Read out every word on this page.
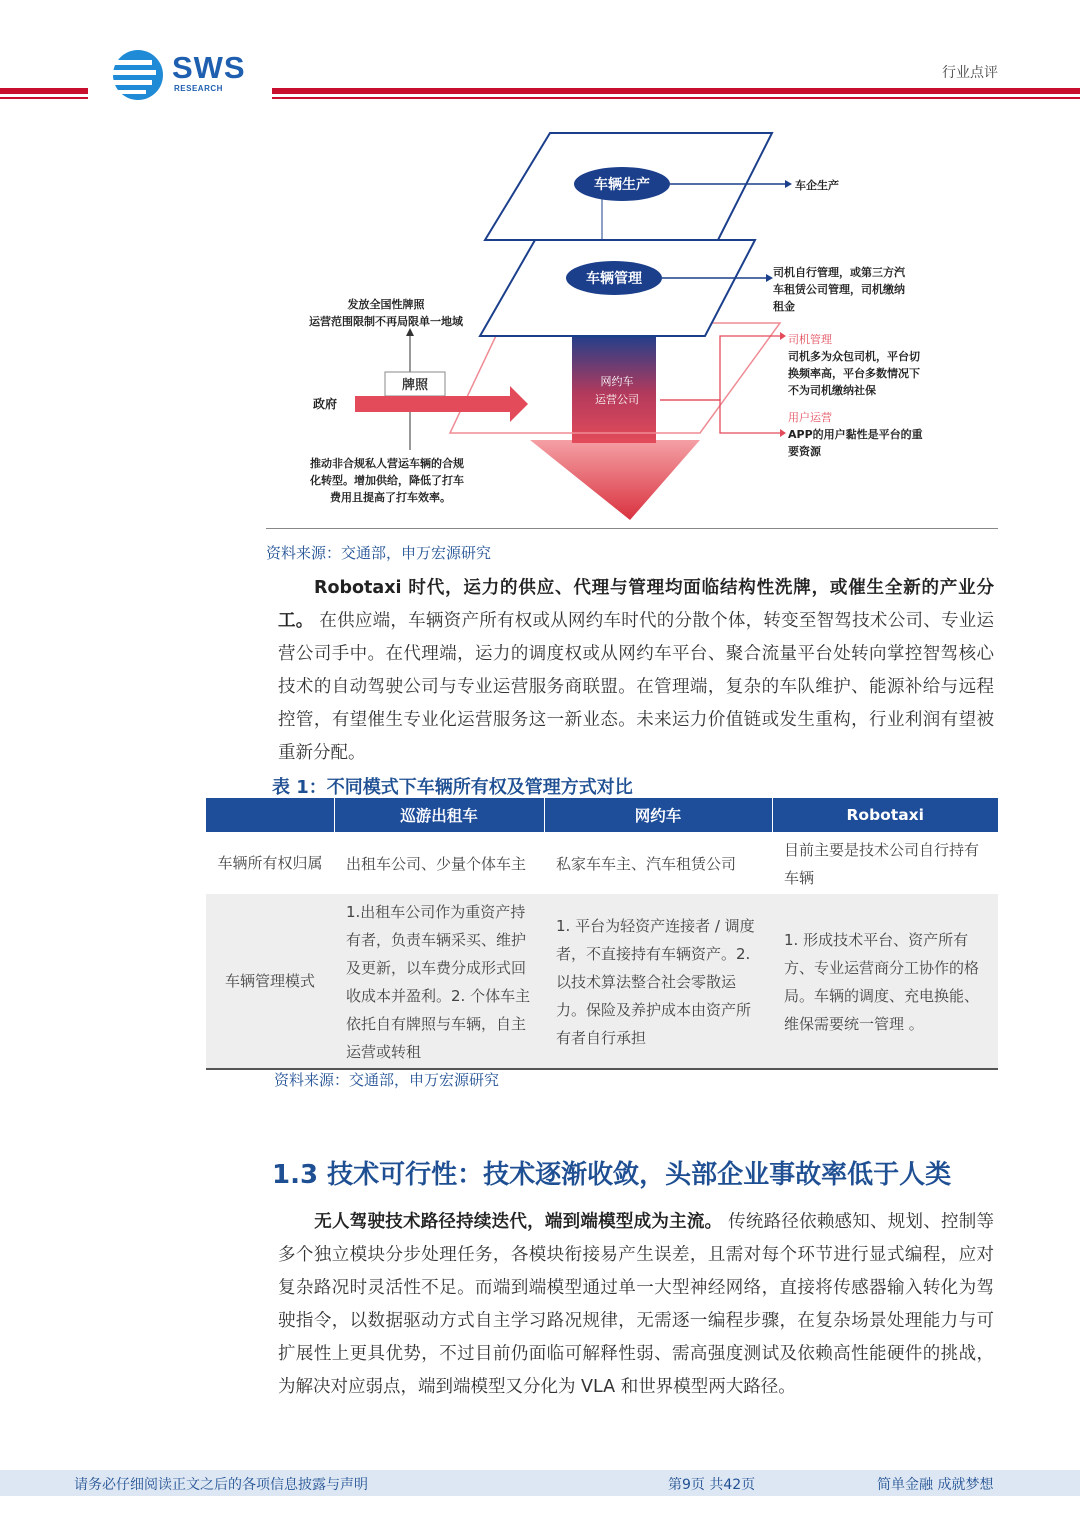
SWS
RESEARCH
行业点评
车辆生产
车辆管理
网约车
运营公司
车企生产
司机自行管理，或第三方汽
车租赁公司管理，司机缴纳
租金
司机管理
司机多为众包司机，平台切
换频率高，平台多数情况下
不为司机缴纳社保
用户运营
APP的用户黏性是平台的重
要资源
发放全国性牌照
运营范围限制不再局限单一地域
牌照
政府
推动非合规私人营运车辆的合规
化转型。增加供给，降低了打车
费用且提高了打车效率。
资料来源：交通部，申万宏源研究
Robotaxi 时代，运力的供应、代理与管理均面临结构性洗牌，或催生全新的产业分工。 在供应端，车辆资产所有权或从网约车时代的分散个体，转变至智驾技术公司、专业运营公司手中。在代理端，运力的调度权或从网约车平台、聚合流量平台处转向掌控智驾核心技术的自动驾驶公司与专业运营服务商联盟。在管理端，复杂的车队维护、能源补给与远程控管，有望催生专业化运营服务这一新业态。未来运力价值链或发生重构，行业利润有望被重新分配。
表 1：不同模式下车辆所有权及管理方式对比
	巡游出租车	网约车	Robotaxi
车辆所有权归属	出租车公司、少量个体车主	私家车车主、汽车租赁公司	目前主要是技术公司自行持有车辆
车辆管理模式	1.出租车公司作为重资产持有者，负责车辆采买、维护及更新，以车费分成形式回收成本并盈利。2. 个体车主依托自有牌照与车辆，自主运营或转租	1. 平台为轻资产连接者 / 调度者，不直接持有车辆资产。2. 以技术算法整合社会零散运力。保险及养护成本由资产所有者自行承担	1. 形成技术平台、资产所有方、专业运营商分工协作的格局。车辆的调度、充电换能、维保需要统一管理 。
资料来源：交通部，申万宏源研究
1.3 技术可行性：技术逐渐收敛，头部企业事故率低于人类
无人驾驶技术路径持续迭代，端到端模型成为主流。 传统路径依赖感知、规划、控制等多个独立模块分步处理任务，各模块衔接易产生误差，且需对每个环节进行显式编程，应对复杂路况时灵活性不足。而端到端模型通过单一大型神经网络，直接将传感器输入转化为驾驶指令，以数据驱动方式自主学习路况规律，无需逐一编程步骤，在复杂场景处理能力与可扩展性上更具优势，不过目前仍面临可解释性弱、需高强度测试及依赖高性能硬件的挑战，为解决对应弱点，端到端模型又分化为 VLA 和世界模型两大路径。
请务必仔细阅读正文之后的各项信息披露与声明	第9页 共42页	简单金融 成就梦想
